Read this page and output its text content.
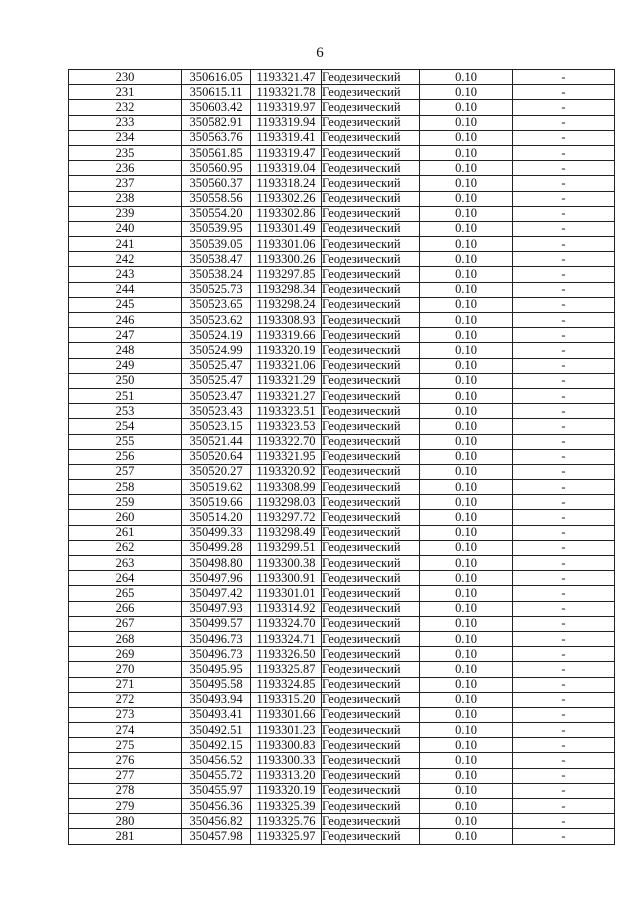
6
230	350616.05	1193321.47	Геодезический	0.10	-
231	350615.11	1193321.78	Геодезический	0.10	-
232	350603.42	1193319.97	Геодезический	0.10	-
233	350582.91	1193319.94	Геодезический	0.10	-
234	350563.76	1193319.41	Геодезический	0.10	-
235	350561.85	1193319.47	Геодезический	0.10	-
236	350560.95	1193319.04	Геодезический	0.10	-
237	350560.37	1193318.24	Геодезический	0.10	-
238	350558.56	1193302.26	Геодезический	0.10	-
239	350554.20	1193302.86	Геодезический	0.10	-
240	350539.95	1193301.49	Геодезический	0.10	-
241	350539.05	1193301.06	Геодезический	0.10	-
242	350538.47	1193300.26	Геодезический	0.10	-
243	350538.24	1193297.85	Геодезический	0.10	-
244	350525.73	1193298.34	Геодезический	0.10	-
245	350523.65	1193298.24	Геодезический	0.10	-
246	350523.62	1193308.93	Геодезический	0.10	-
247	350524.19	1193319.66	Геодезический	0.10	-
248	350524.99	1193320.19	Геодезический	0.10	-
249	350525.47	1193321.06	Геодезический	0.10	-
250	350525.47	1193321.29	Геодезический	0.10	-
251	350523.47	1193321.27	Геодезический	0.10	-
253	350523.43	1193323.51	Геодезический	0.10	-
254	350523.15	1193323.53	Геодезический	0.10	-
255	350521.44	1193322.70	Геодезический	0.10	-
256	350520.64	1193321.95	Геодезический	0.10	-
257	350520.27	1193320.92	Геодезический	0.10	-
258	350519.62	1193308.99	Геодезический	0.10	-
259	350519.66	1193298.03	Геодезический	0.10	-
260	350514.20	1193297.72	Геодезический	0.10	-
261	350499.33	1193298.49	Геодезический	0.10	-
262	350499.28	1193299.51	Геодезический	0.10	-
263	350498.80	1193300.38	Геодезический	0.10	-
264	350497.96	1193300.91	Геодезический	0.10	-
265	350497.42	1193301.01	Геодезический	0.10	-
266	350497.93	1193314.92	Геодезический	0.10	-
267	350499.57	1193324.70	Геодезический	0.10	-
268	350496.73	1193324.71	Геодезический	0.10	-
269	350496.73	1193326.50	Геодезический	0.10	-
270	350495.95	1193325.87	Геодезический	0.10	-
271	350495.58	1193324.85	Геодезический	0.10	-
272	350493.94	1193315.20	Геодезический	0.10	-
273	350493.41	1193301.66	Геодезический	0.10	-
274	350492.51	1193301.23	Геодезический	0.10	-
275	350492.15	1193300.83	Геодезический	0.10	-
276	350456.52	1193300.33	Геодезический	0.10	-
277	350455.72	1193313.20	Геодезический	0.10	-
278	350455.97	1193320.19	Геодезический	0.10	-
279	350456.36	1193325.39	Геодезический	0.10	-
280	350456.82	1193325.76	Геодезический	0.10	-
281	350457.98	1193325.97	Геодезический	0.10	-
